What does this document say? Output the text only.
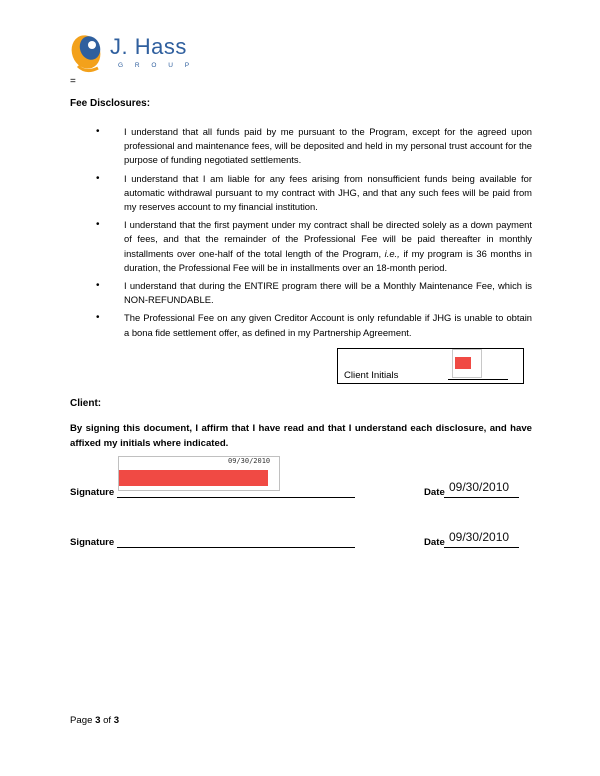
J. Hass
G R O U P
=
Fee Disclosures:
• I understand that all funds paid by me pursuant to the Program, except for the agreed upon professional and maintenance fees, will be deposited and held in my personal trust account for the purpose of funding negotiated settlements.
• I understand that I am liable for any fees arising from nonsufficient funds being available for automatic withdrawal pursuant to my contract with JHG, and that any such fees will be paid from my reserves account to my financial institution.
• I understand that the first payment under my contract shall be directed solely as a down payment of fees, and that the remainder of the Professional Fee will be paid thereafter in monthly installments over one-half of the total length of the Program, i.e., if my program is 36 months in duration, the Professional Fee will be in installments over an 18-month period.
• I understand that during the ENTIRE program there will be a Monthly Maintenance Fee, which is NON-REFUNDABLE.
• The Professional Fee on any given Creditor Account is only refundable if JHG is unable to obtain a bona fide settlement offer, as defined in my Partnership Agreement.
Client Initials
Client:
By signing this document, I affirm that I have read and that I understand each disclosure, and have affixed my initials where indicated.
09/30/2010
Signature	Date 09/30/2010
Signature	Date 09/30/2010
Page 3 of 3
